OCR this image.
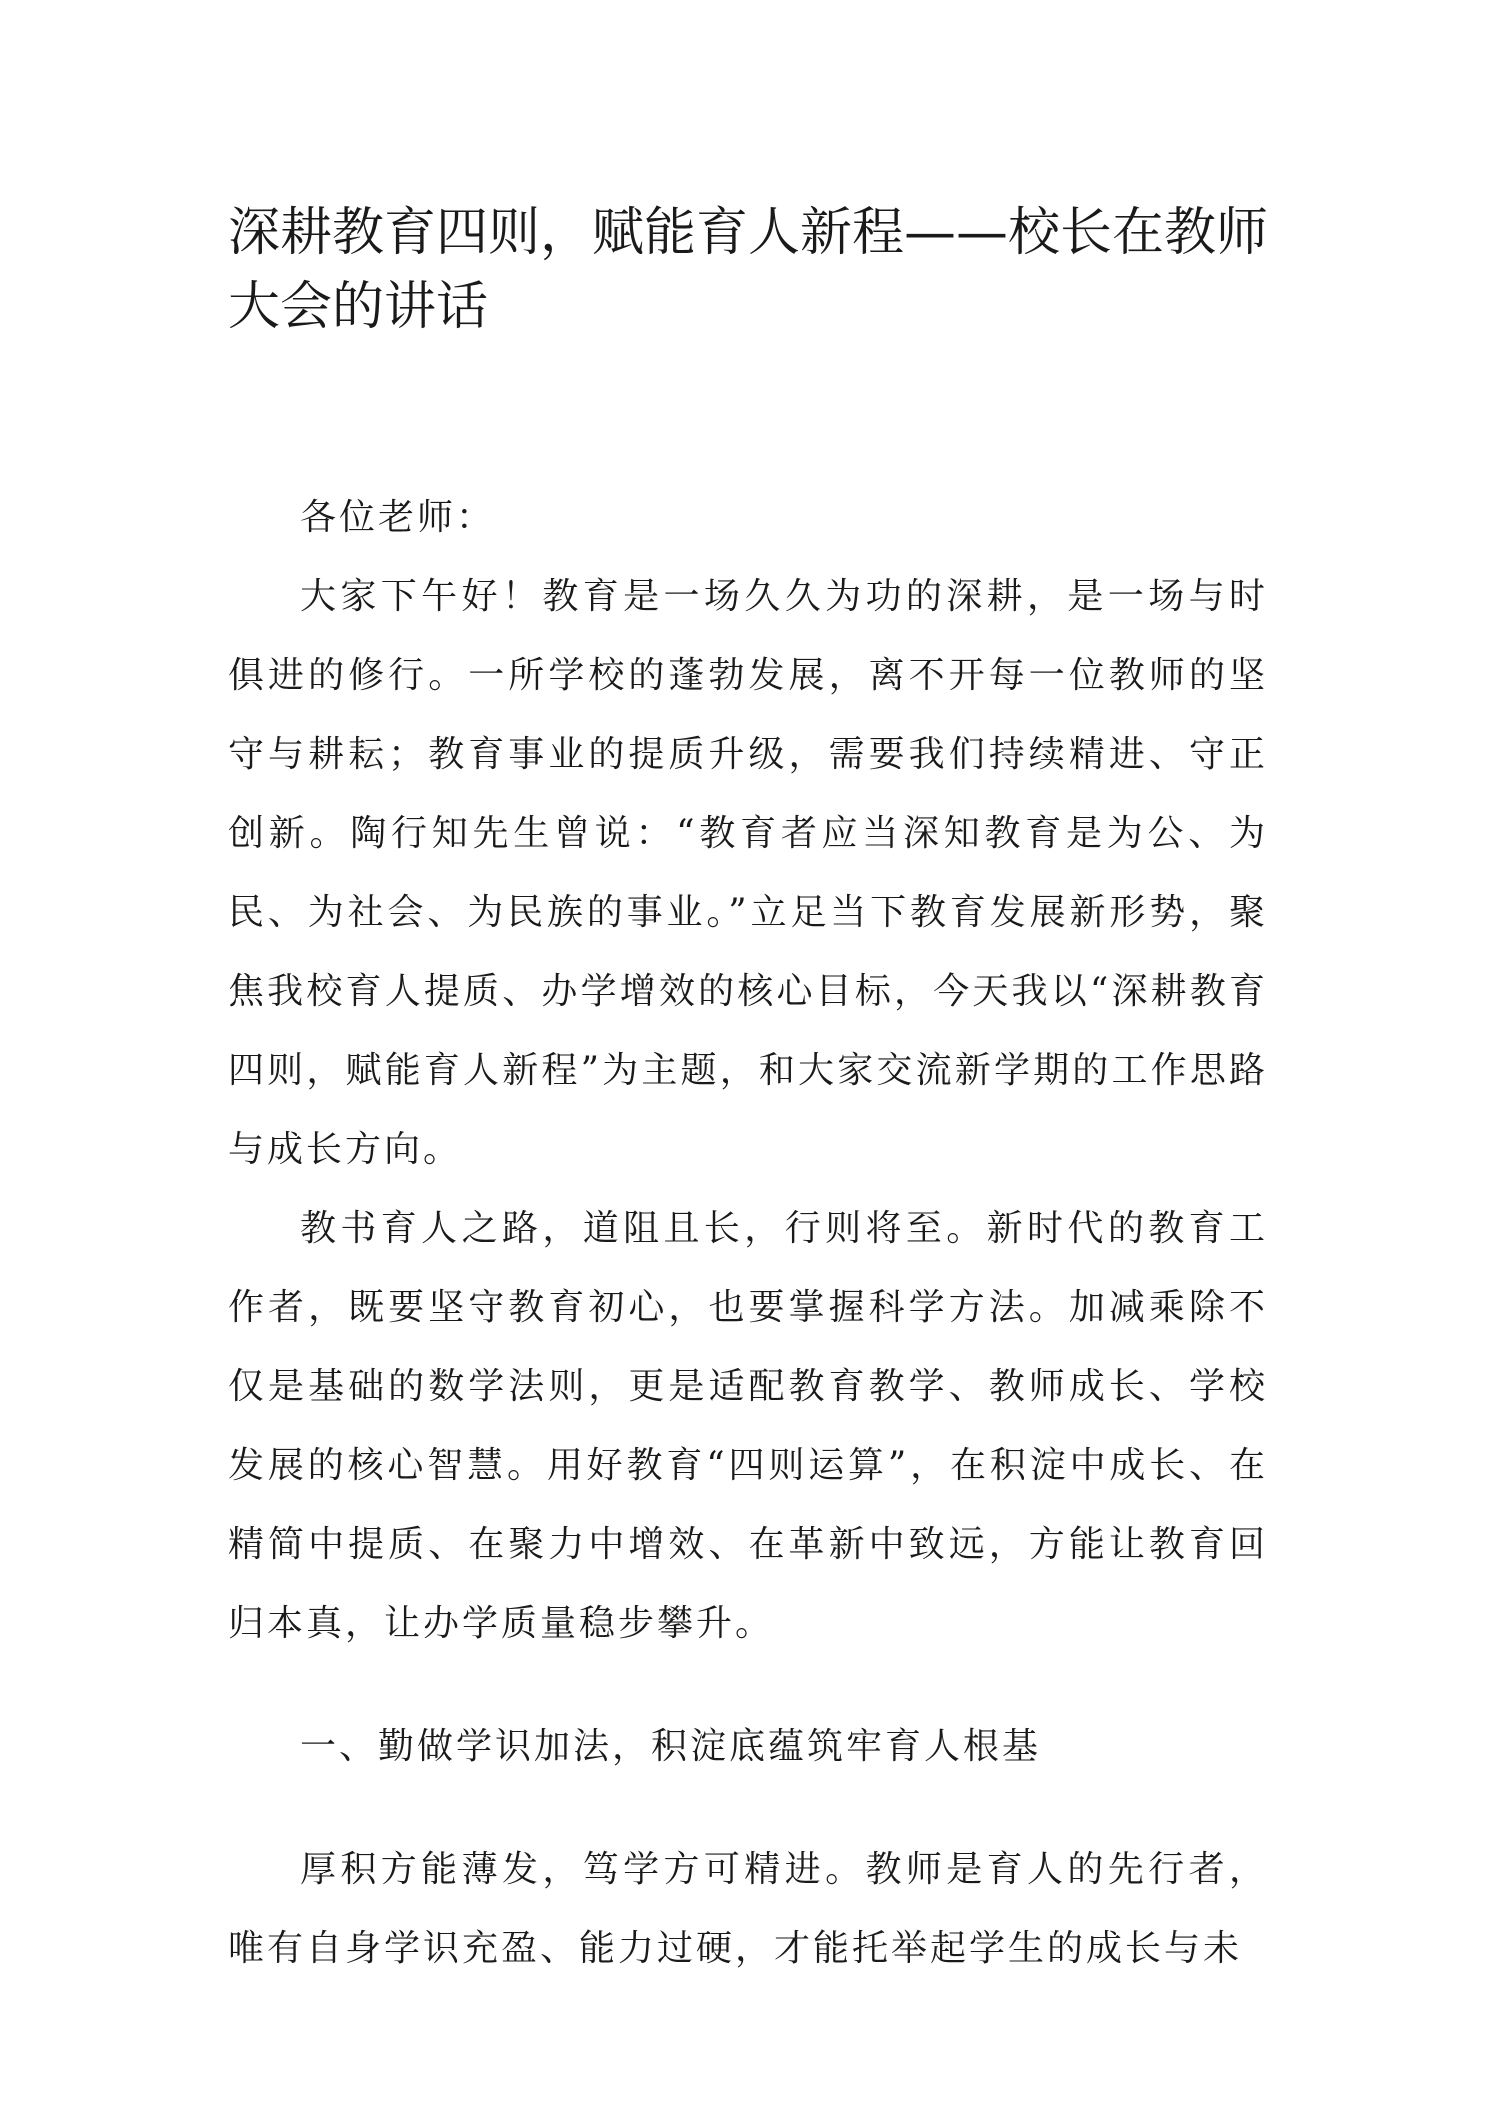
深耕教育四则，赋能育人新程——校长在教师大会的讲话

各位老师：

大家下午好！教育是一场久久为功的深耕，是一场与时俱进的修行。一所学校的蓬勃发展，离不开每一位教师的坚守与耕耘；教育事业的提质升级，需要我们持续精进、守正创新。陶行知先生曾说：“教育者应当深知教育是为公、为民、为社会、为民族的事业。”立足当下教育发展新形势，聚焦我校育人提质、办学增效的核心目标，今天我以“深耕教育四则，赋能育人新程”为主题，和大家交流新学期的工作思路与成长方向。

教书育人之路，道阻且长，行则将至。新时代的教育工作者，既要坚守教育初心，也要掌握科学方法。加减乘除不仅是基础的数学法则，更是适配教育教学、教师成长、学校发展的核心智慧。用好教育“四则运算”，在积淀中成长、在精简中提质、在聚力中增效、在革新中致远，方能让教育回归本真，让办学质量稳步攀升。

一、勤做学识加法，积淀底蕴筑牢育人根基

厚积方能薄发，笃学方可精进。教师是育人的先行者，唯有自身学识充盈、能力过硬，才能托举起学生的成长与未
